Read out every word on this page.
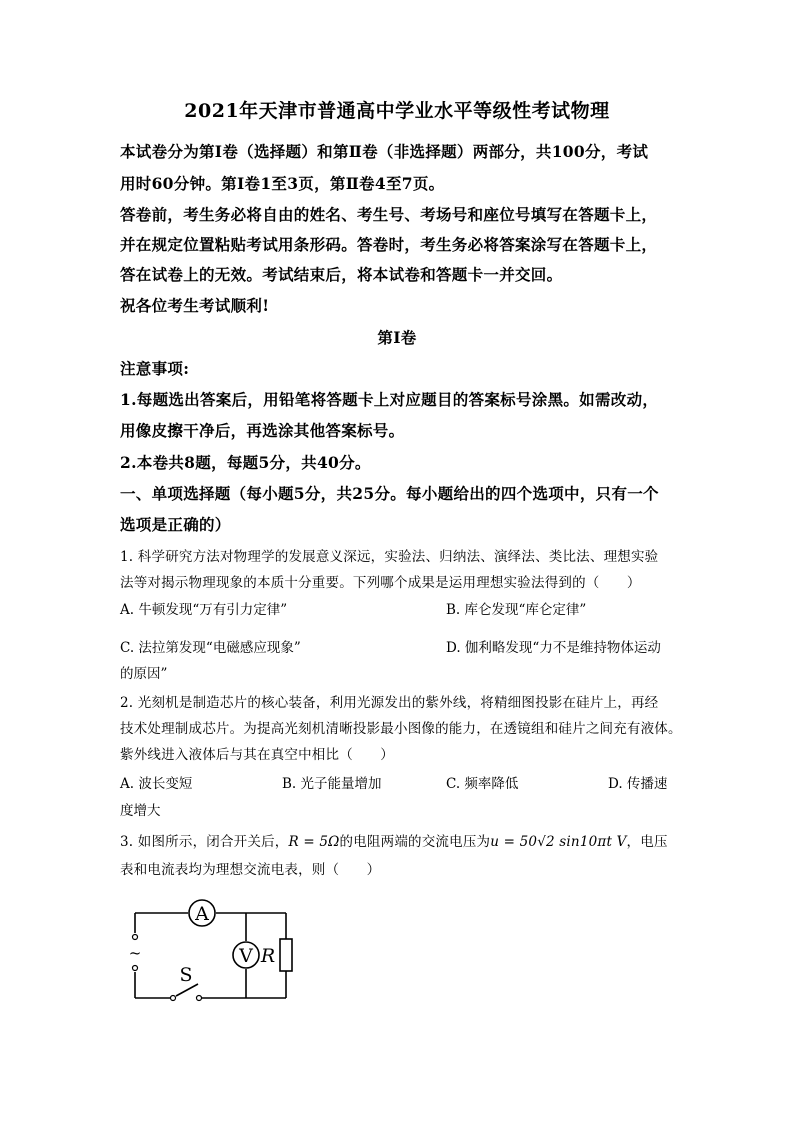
2021年天津市普通高中学业水平等级性考试物理
本试卷分为第Ⅰ卷（选择题）和第Ⅱ卷（非选择题）两部分，共100分，考试
用时60分钟。第Ⅰ卷1至3页，第Ⅱ卷4至7页。
答卷前，考生务必将自由的姓名、考生号、考场号和座位号填写在答题卡上，
并在规定位置粘贴考试用条形码。答卷时，考生务必将答案涂写在答题卡上，
答在试卷上的无效。考试结束后，将本试卷和答题卡一并交回。
祝各位考生考试顺利!
第Ⅰ卷
注意事项:
1.每题选出答案后，用铅笔将答题卡上对应题目的答案标号涂黑。如需改动，
用像皮擦干净后，再选涂其他答案标号。
2.本卷共8题，每题5分，共40分。
一、单项选择题（每小题5分，共25分。每小题给出的四个选项中，只有一个
选项是正确的）
1. 科学研究方法对物理学的发展意义深远，实验法、归纳法、演绎法、类比法、理想实验
法等对揭示物理现象的本质十分重要。下列哪个成果是运用理想实验法得到的（　　）
A. 牛顿发现“万有引力定律”	B. 库仑发现“库仑定律”
C. 法拉第发现“电磁感应现象”	D. 伽利略发现“力不是维持物体运动
的原因”
2. 光刻机是制造芯片的核心装备，利用光源发出的紫外线，将精细图投影在硅片上，再经
技术处理制成芯片。为提高光刻机清晰投影最小图像的能力，在透镜组和硅片之间充有液体。
紫外线进入液体后与其在真空中相比（　　）
A. 波长变短	B. 光子能量增加	C. 频率降低	D. 传播速
度增大
3. 如图所示，闭合开关后，R = 5Ω的电阻两端的交流电压为u = 50√2 sin10πt V，电压
表和电流表均为理想交流电表，则（　　）
A
V R
S
~
